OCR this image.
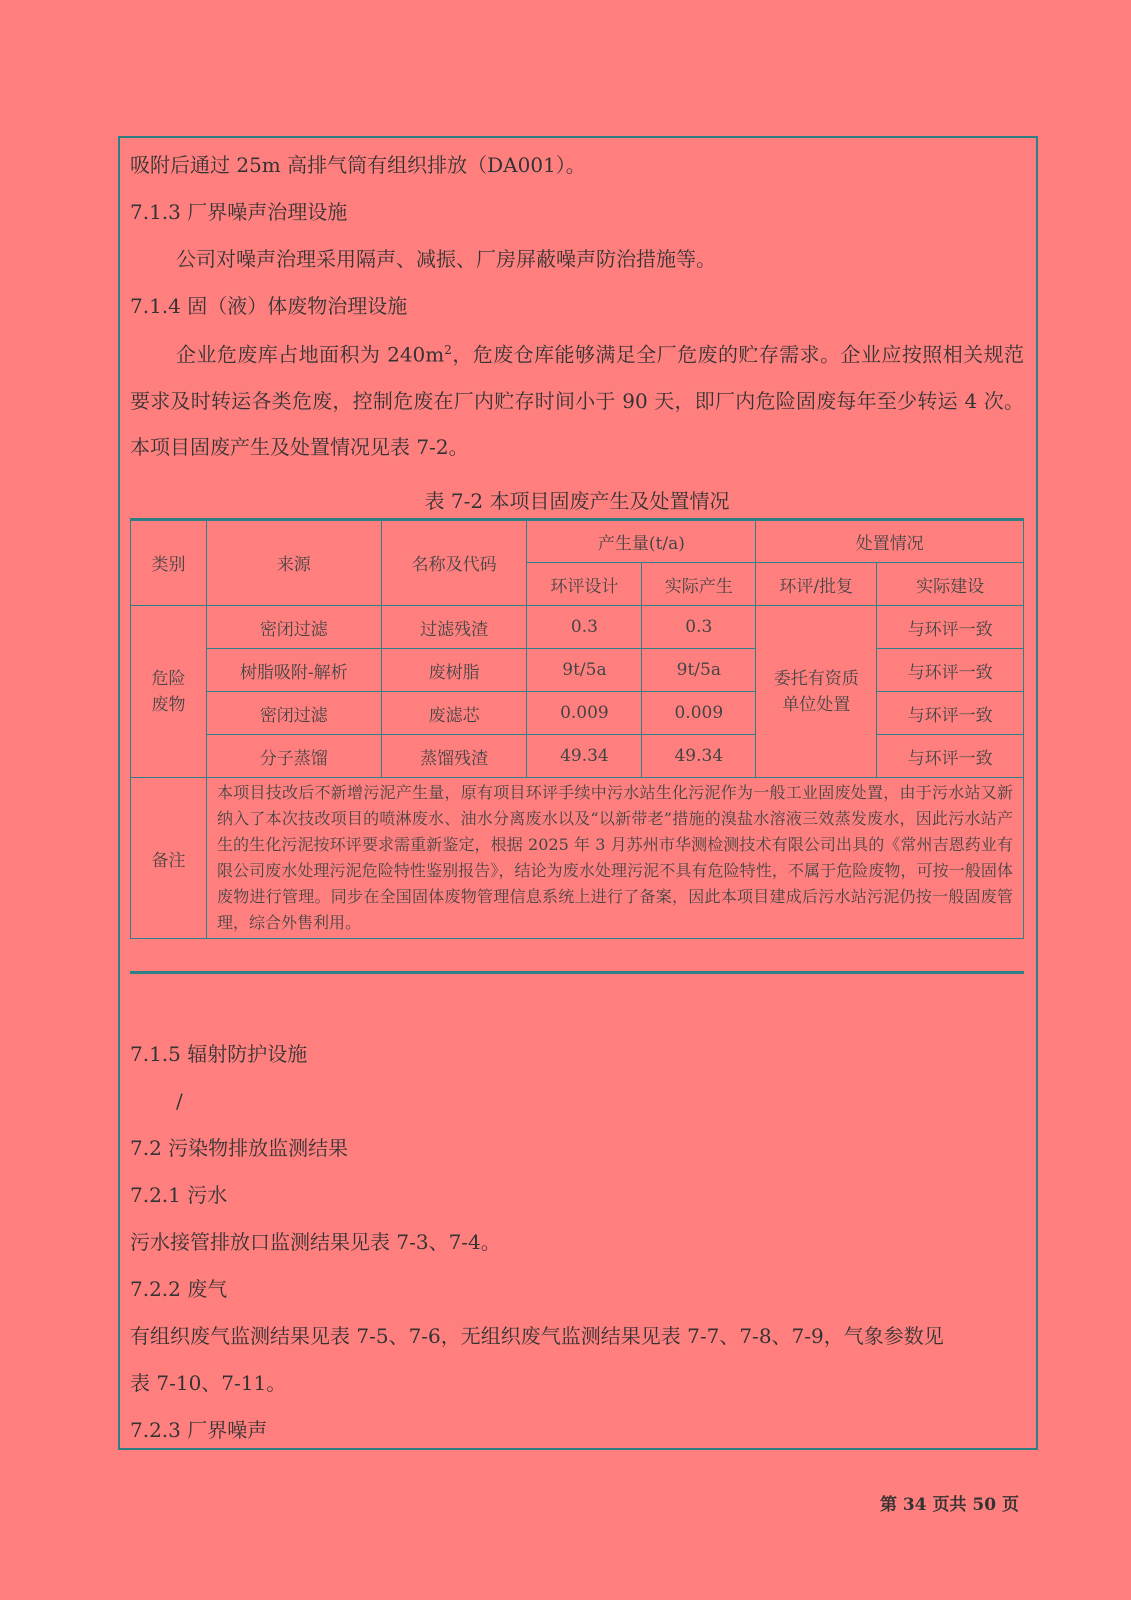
吸附后通过 25m 高排气筒有组织排放（DA001）。
7.1.3 厂界噪声治理设施
公司对噪声治理采用隔声、减振、厂房屏蔽噪声防治措施等。
7.1.4 固（液）体废物治理设施

企业危废库占地面积为 $240m^2$，危废仓库能够满足全厂危废的贮存需求。企业应按照相关规范要求及时转运各类危废，控制危废在厂内贮存时间小于 90 天，即厂内危险固废每年至少转运 4 次。本项目固废产生及处置情况见表 7-2。

表 7-2 本项目固废产生及处置情况
类别	来源	名称及代码	产生量(t/a)		处置情况	
			环评设计	实际产生	环评/批复	实际建设

危险废物	密闭过滤	过滤残渣	0.3	0.3	委托有资质单位处置	与环评一致
	树脂吸附-解析	废树脂	9t/5a	9t/5a		与环评一致
	密闭过滤	废滤芯	0.009	0.009		与环评一致
	分子蒸馏	蒸馏残渣	49.34	49.34		与环评一致
备注	本项目技改后不新增污泥产生量，原有项目环评手续中污水站生化污泥作为一般工业固废处置，由于污水站又新纳入了本次技改项目的喷淋废水、油水分离废水以及“以新带老”措施的溴盐水溶液三效蒸发废水，因此污水站产生的生化污泥按环评要求需重新鉴定，根据 2025 年 3 月苏州市华测检测技术有限公司出具的《常州吉恩药业有限公司废水处理污泥危险特性鉴别报告》，结论为废水处理污泥不具有危险特性，不属于危险废物，可按一般固体废物进行管理。同步在全国固体废物管理信息系统上进行了备案，因此本项目建成后污水站污泥仍按一般固废管理，综合外售利用。					
7.1.5 辐射防护设施
/
7.2 污染物排放监测结果
7.2.1 污水
污水接管排放口监测结果见表 7-3、7-4。
7.2.2 废气
有组织废气监测结果见表 7-5、7-6，无组织废气监测结果见表 7-7、7-8、7-9，气象参数见
表 7-10、7-11。
7.2.3 厂界噪声
第 34 页共 50 页
